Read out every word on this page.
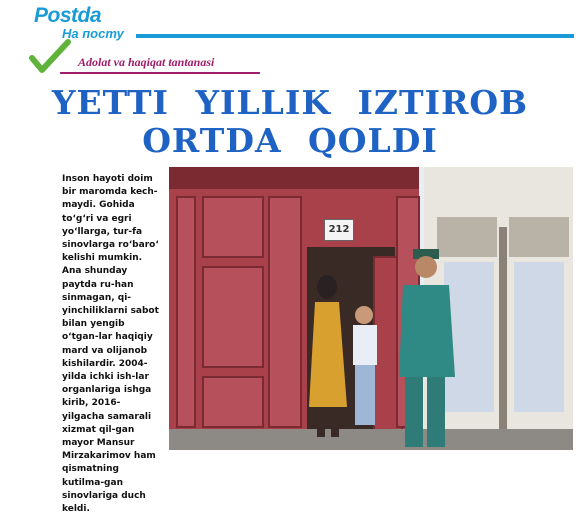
Postda
На посту
Adolat va haqiqat tantanasi
YETTI YILLIK IZTIROB
ORTDA QOLDI

Inson hayoti doim bir maromda kech-maydi. Gohida to‘g‘ri va egri yo‘llarga, tur-fa sinovlarga ro‘baro‘ kelishi mumkin. Ana shunday paytda ru-han sinmagan, qi-yinchiliklarni sabot bilan yengib o‘tgan-lar haqiqiy mard va olijanob kishilardir. 2004-yilda ichki ish-lar organlariga ishga kirib, 2016-yilgacha samarali xizmat qil-gan mayor Mansur Mirzakarimov ham qismatning kutilma-gan sinovlariga duch keldi.

212
